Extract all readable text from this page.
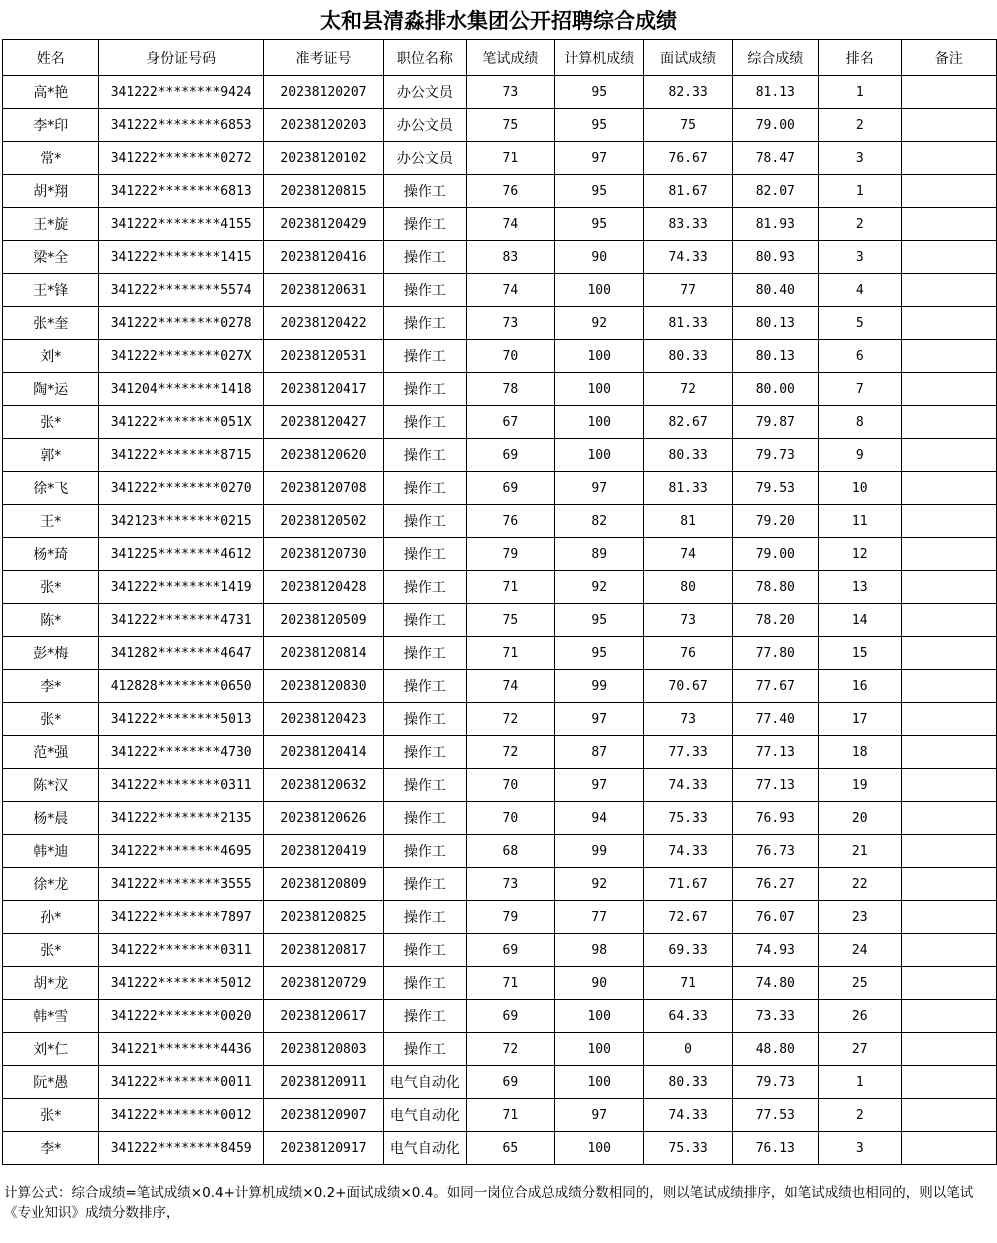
太和县清淼排水集团公开招聘综合成绩
姓名	身份证号码	准考证号	职位名称	笔试成绩	计算机成绩	面试成绩	综合成绩	排名	备注
高*艳	341222********9424	20238120207	办公文员	73	95	82.33	81.13	1	
李*印	341222********6853	20238120203	办公文员	75	95	75	79.00	2	
常*	341222********0272	20238120102	办公文员	71	97	76.67	78.47	3	
胡*翔	341222********6813	20238120815	操作工	76	95	81.67	82.07	1	
王*旋	341222********4155	20238120429	操作工	74	95	83.33	81.93	2	
梁*全	341222********1415	20238120416	操作工	83	90	74.33	80.93	3	
王*锋	341222********5574	20238120631	操作工	74	100	77	80.40	4	
张*奎	341222********0278	20238120422	操作工	73	92	81.33	80.13	5	
刘*	341222********027X	20238120531	操作工	70	100	80.33	80.13	6	
陶*运	341204********1418	20238120417	操作工	78	100	72	80.00	7	
张*	341222********051X	20238120427	操作工	67	100	82.67	79.87	8	
郭*	341222********8715	20238120620	操作工	69	100	80.33	79.73	9	
徐*飞	341222********0270	20238120708	操作工	69	97	81.33	79.53	10	
王*	342123********0215	20238120502	操作工	76	82	81	79.20	11	
杨*琦	341225********4612	20238120730	操作工	79	89	74	79.00	12	
张*	341222********1419	20238120428	操作工	71	92	80	78.80	13	
陈*	341222********4731	20238120509	操作工	75	95	73	78.20	14	
彭*梅	341282********4647	20238120814	操作工	71	95	76	77.80	15	
李*	412828********0650	20238120830	操作工	74	99	70.67	77.67	16	
张*	341222********5013	20238120423	操作工	72	97	73	77.40	17	
范*强	341222********4730	20238120414	操作工	72	87	77.33	77.13	18	
陈*汉	341222********0311	20238120632	操作工	70	97	74.33	77.13	19	
杨*晨	341222********2135	20238120626	操作工	70	94	75.33	76.93	20	
韩*迪	341222********4695	20238120419	操作工	68	99	74.33	76.73	21	
徐*龙	341222********3555	20238120809	操作工	73	92	71.67	76.27	22	
孙*	341222********7897	20238120825	操作工	79	77	72.67	76.07	23	
张*	341222********0311	20238120817	操作工	69	98	69.33	74.93	24	
胡*龙	341222********5012	20238120729	操作工	71	90	71	74.80	25	
韩*雪	341222********0020	20238120617	操作工	69	100	64.33	73.33	26	
刘*仁	341221********4436	20238120803	操作工	72	100	0	48.80	27	
阮*愚	341222********0011	20238120911	电气自动化	69	100	80.33	79.73	1	
张*	341222********0012	20238120907	电气自动化	71	97	74.33	77.53	2	
李*	341222********8459	20238120917	电气自动化	65	100	75.33	76.13	3	
计算公式：综合成绩=笔试成绩×0.4+计算机成绩×0.2+面试成绩×0.4。如同一岗位合成总成绩分数相同的，则以笔试成绩排序，如笔试成绩也相同的，则以笔试《专业知识》成绩分数排序，
